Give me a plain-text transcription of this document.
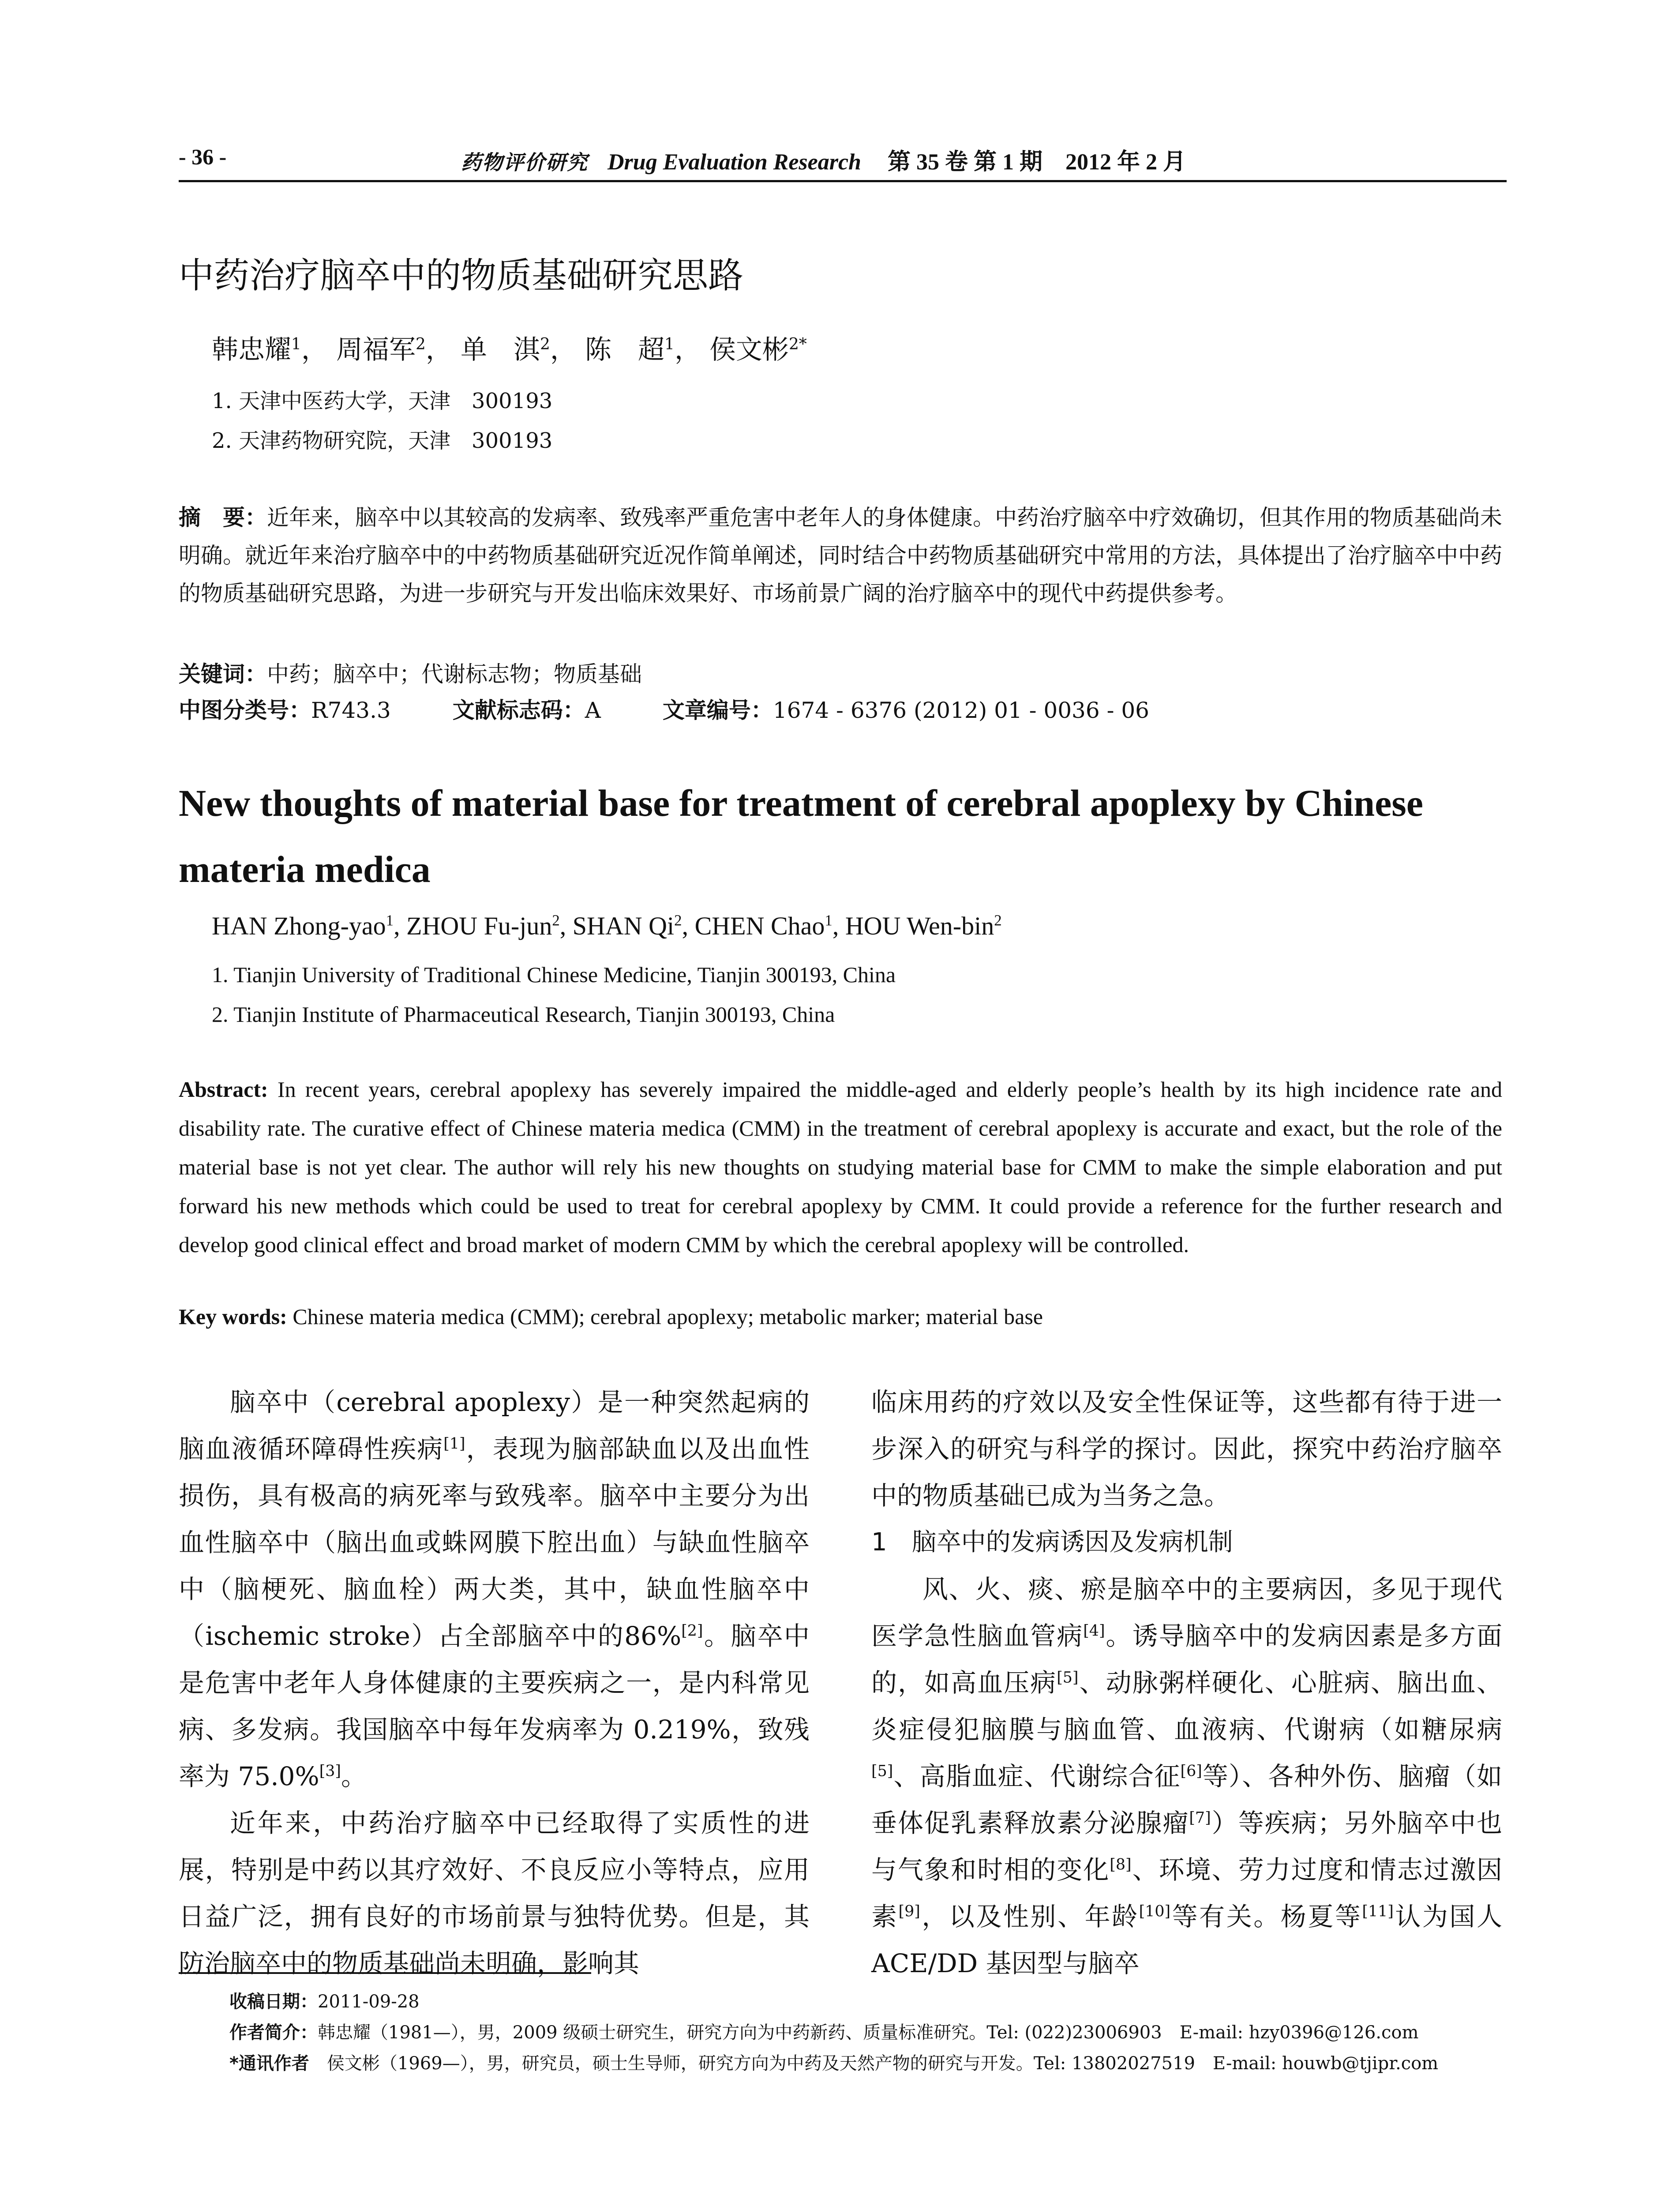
- 36 -	药物评价研究 Drug Evaluation Research 第 35 卷 第 1 期　2012 年 2 月
中药治疗脑卒中的物质基础研究思路
韩忠耀$^1$， 周福军$^2$， 单　淇$^2$， 陈　超$^1$， 侯文彬$^{2*}$
1. 天津中医药大学，天津　300193
2. 天津药物研究院，天津　300193
摘　要：近年来，脑卒中以其较高的发病率、致残率严重危害中老年人的身体健康。中药治疗脑卒中疗效确切，但其作用的物质基础尚未明确。就近年来治疗脑卒中的中药物质基础研究近况作简单阐述，同时结合中药物质基础研究中常用的方法，具体提出了治疗脑卒中中药的物质基础研究思路，为进一步研究与开发出临床效果好、市场前景广阔的治疗脑卒中的现代中药提供参考。
关键词：中药；脑卒中；代谢标志物；物质基础
中图分类号：R743.3	文献标志码：A	文章编号：1674 - 6376 (2012) 01 - 0036 - 06
New thoughts of material base for treatment of cerebral apoplexy by Chinese materia medica
HAN Zhong-yao$^1$, ZHOU Fu-jun$^2$, SHAN Qi$^2$, CHEN Chao$^1$, HOU Wen-bin$^2$
1. Tianjin University of Traditional Chinese Medicine, Tianjin 300193, China
2. Tianjin Institute of Pharmaceutical Research, Tianjin 300193, China
Abstract: In recent years, cerebral apoplexy has severely impaired the middle-aged and elderly people’s health by its high incidence rate and disability rate. The curative effect of Chinese materia medica (CMM) in the treatment of cerebral apoplexy is accurate and exact, but the role of the material base is not yet clear. The author will rely his new thoughts on studying material base for CMM to make the simple elaboration and put forward his new methods which could be used to treat for cerebral apoplexy by CMM. It could provide a reference for the further research and develop good clinical effect and broad market of modern CMM by which the cerebral apoplexy will be controlled.
Key words: Chinese materia medica (CMM); cerebral apoplexy; metabolic marker; material base

脑卒中（cerebral apoplexy）是一种突然起病的脑血液循环障碍性疾病[1]，表现为脑部缺血以及出血性损伤，具有极高的病死率与致残率。脑卒中主要分为出血性脑卒中（脑出血或蛛网膜下腔出血）与缺血性脑卒中（脑梗死、脑血栓）两大类，其中，缺血性脑卒中（ischemic stroke）占全部脑卒中的86%[2]。脑卒中是危害中老年人身体健康的主要疾病之一，是内科常见病、多发病。我国脑卒中每年发病率为 0.219%，致残率为 75.0%[3]。

近年来，中药治疗脑卒中已经取得了实质性的进展，特别是中药以其疗效好、不良反应小等特点，应用日益广泛，拥有良好的市场前景与独特优势。但是，其防治脑卒中的物质基础尚未明确，影响其

临床用药的疗效以及安全性保证等，这些都有待于进一步深入的研究与科学的探讨。因此，探究中药治疗脑卒中的物质基础已成为当务之急。

1　脑卒中的发病诱因及发病机制

风、火、痰、瘀是脑卒中的主要病因，多见于现代医学急性脑血管病[4]。诱导脑卒中的发病因素是多方面的，如高血压病[5]、动脉粥样硬化、心脏病、脑出血、炎症侵犯脑膜与脑血管、血液病、代谢病（如糖尿病[5]、高脂血症、代谢综合征[6]等）、各种外伤、脑瘤（如垂体促乳素释放素分泌腺瘤[7]）等疾病；另外脑卒中也与气象和时相的变化[8]、环境、劳力过度和情志过激因素[9]，以及性别、年龄[10]等有关。杨夏等[11]认为国人 ACE/DD 基因型与脑卒

收稿日期：2011-09-28
作者简介：韩忠耀（1981—），男，2009 级硕士研究生，研究方向为中药新药、质量标准研究。Tel: (022)23006903　E-mail: hzy0396@126.com
*通讯作者 侯文彬（1969—），男，研究员，硕士生导师，研究方向为中药及天然产物的研究与开发。Tel: 13802027519　E-mail: houwb@tjipr.com
